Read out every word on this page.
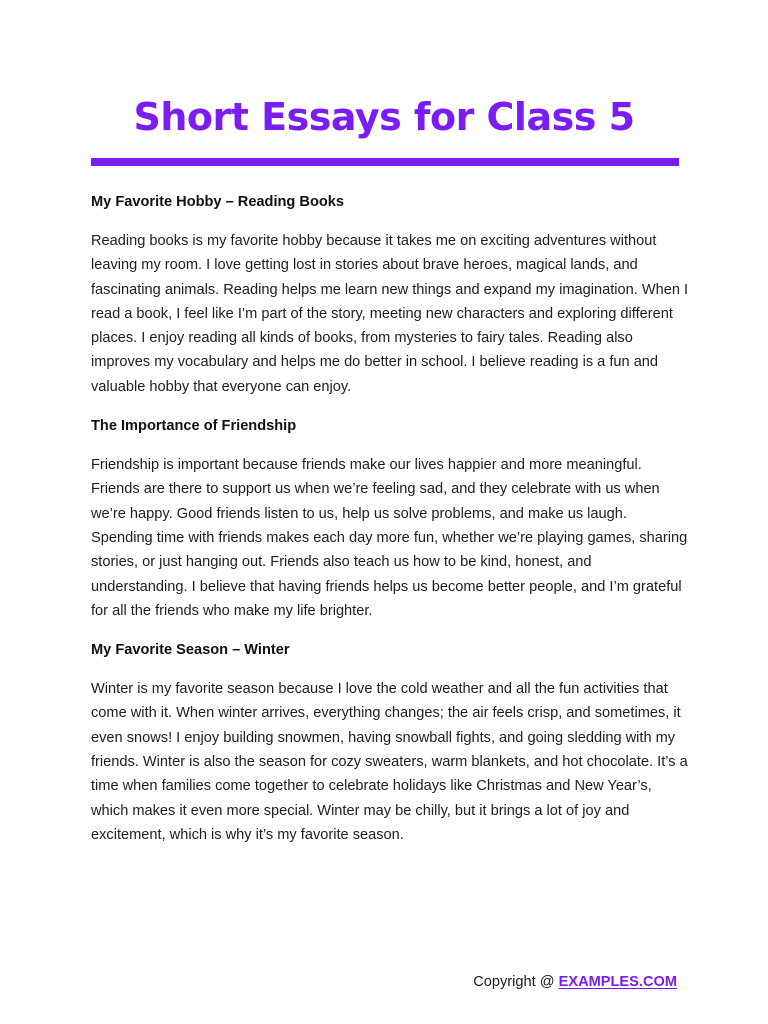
Short Essays for Class 5

My Favorite Hobby – Reading Books

Reading books is my favorite hobby because it takes me on exciting adventures without leaving my room. I love getting lost in stories about brave heroes, magical lands, and fascinating animals. Reading helps me learn new things and expand my imagination. When I read a book, I feel like I’m part of the story, meeting new characters and exploring different places. I enjoy reading all kinds of books, from mysteries to fairy tales. Reading also improves my vocabulary and helps me do better in school. I believe reading is a fun and valuable hobby that everyone can enjoy.

The Importance of Friendship

Friendship is important because friends make our lives happier and more meaningful. Friends are there to support us when we’re feeling sad, and they celebrate with us when we’re happy. Good friends listen to us, help us solve problems, and make us laugh. Spending time with friends makes each day more fun, whether we’re playing games, sharing stories, or just hanging out. Friends also teach us how to be kind, honest, and understanding. I believe that having friends helps us become better people, and I’m grateful for all the friends who make my life brighter.

My Favorite Season – Winter

Winter is my favorite season because I love the cold weather and all the fun activities that come with it. When winter arrives, everything changes; the air feels crisp, and sometimes, it even snows! I enjoy building snowmen, having snowball fights, and going sledding with my friends. Winter is also the season for cozy sweaters, warm blankets, and hot chocolate. It’s a time when families come together to celebrate holidays like Christmas and New Year’s, which makes it even more special. Winter may be chilly, but it brings a lot of joy and excitement, which is why it’s my favorite season.

Copyright @ EXAMPLES.COM
